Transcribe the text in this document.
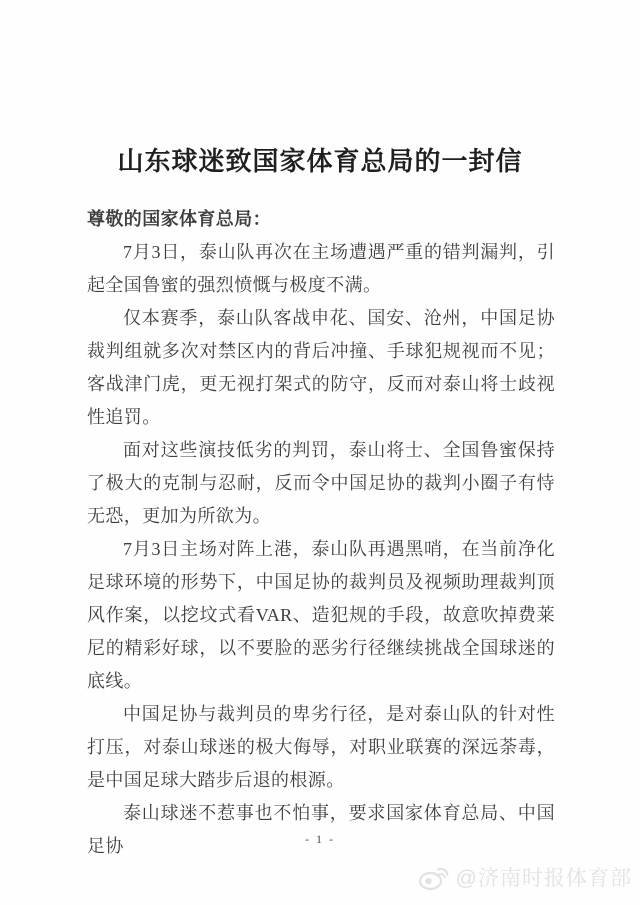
山东球迷致国家体育总局的一封信

尊敬的国家体育总局：

7月3日，泰山队再次在主场遭遇严重的错判漏判，引起全国鲁蜜的强烈愤慨与极度不满。

仅本赛季，泰山队客战申花、国安、沧州，中国足协裁判组就多次对禁区内的背后冲撞、手球犯规视而不见；客战津门虎，更无视打架式的防守，反而对泰山将士歧视性追罚。

面对这些演技低劣的判罚，泰山将士、全国鲁蜜保持了极大的克制与忍耐，反而令中国足协的裁判小圈子有恃无恐，更加为所欲为。

7月3日主场对阵上港，泰山队再遇黑哨，在当前净化足球环境的形势下，中国足协的裁判员及视频助理裁判顶风作案，以挖坟式看VAR、造犯规的手段，故意吹掉费莱尼的精彩好球，以不要脸的恶劣行径继续挑战全国球迷的底线。

中国足协与裁判员的卑劣行径，是对泰山队的针对性打压，对泰山球迷的极大侮辱，对职业联赛的深远荼毒，是中国足球大踏步后退的根源。

泰山球迷不惹事也不怕事，要求国家体育总局、中国足协	- 1 -
@济南时报体育部
